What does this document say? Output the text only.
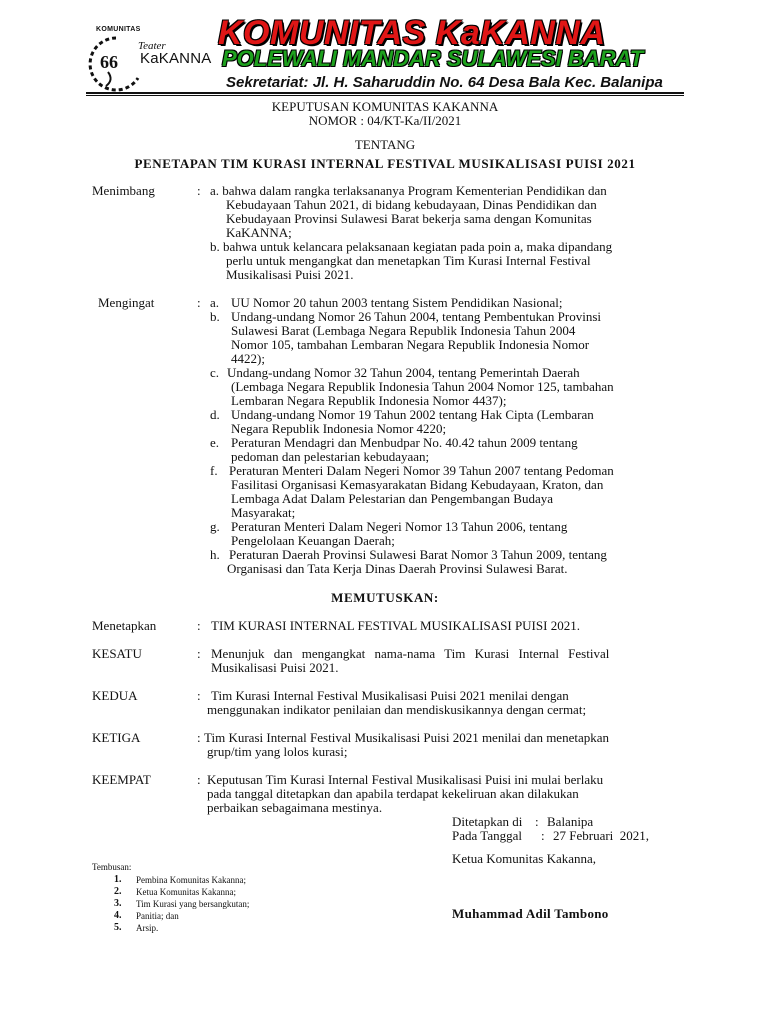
66
KOMUNITAS
Teater
KaKANNA
KOMUNITAS KaKANNA
POLEWALI MANDAR SULAWESI BARAT
Sekretariat: Jl. H. Saharuddin No. 64 Desa Bala Kec. Balanipa
KEPUTUSAN KOMUNITAS KAKANNA
NOMOR : 04/KT-Ka/II/2021
TENTANG
PENETAPAN TIM KURASI INTERNAL FESTIVAL MUSIKALISASI PUISI 2021
Menimbang	: a. bahwa dalam rangka terlaksananya Program Kementerian Pendidikan dan
Kebudayaan Tahun 2021, di bidang kebudayaan, Dinas Pendidikan dan
Kebudayaan Provinsi Sulawesi Barat bekerja sama dengan Komunitas
KaKANNA;
b. bahwa untuk kelancara pelaksanaan kegiatan pada poin a, maka dipandang
perlu untuk mengangkat dan menetapkan Tim Kurasi Internal Festival
Musikalisasi Puisi 2021.
Mengingat	: a. UU Nomor 20 tahun 2003 tentang Sistem Pendidikan Nasional;
b. Undang-undang Nomor 26 Tahun 2004, tentang Pembentukan Provinsi
Sulawesi Barat (Lembaga Negara Republik Indonesia Tahun 2004
Nomor 105, tambahan Lembaran Negara Republik Indonesia Nomor
4422);
c. Undang-undang Nomor 32 Tahun 2004, tentang Pemerintah Daerah
(Lembaga Negara Republik Indonesia Tahun 2004 Nomor 125, tambahan
Lembaran Negara Republik Indonesia Nomor 4437);
d. Undang-undang Nomor 19 Tahun 2002 tentang Hak Cipta (Lembaran
Negara Republik Indonesia Nomor 4220;
e. Peraturan Mendagri dan Menbudpar No. 40.42 tahun 2009 tentang
pedoman dan pelestarian kebudayaan;
f. Peraturan Menteri Dalam Negeri Nomor 39 Tahun 2007 tentang Pedoman
Fasilitasi Organisasi Kemasyarakatan Bidang Kebudayaan, Kraton, dan
Lembaga Adat Dalam Pelestarian dan Pengembangan Budaya
Masyarakat;
g. Peraturan Menteri Dalam Negeri Nomor 13 Tahun 2006, tentang
Pengelolaan Keuangan Daerah;
h. Peraturan Daerah Provinsi Sulawesi Barat Nomor 3 Tahun 2009, tentang
Organisasi dan Tata Kerja Dinas Daerah Provinsi Sulawesi Barat.
MEMUTUSKAN:
Menetapkan	: TIM KURASI INTERNAL FESTIVAL MUSIKALISASI PUISI 2021.
KESATU	: Menunjuk dan mengangkat nama-nama Tim Kurasi Internal Festival
Musikalisasi Puisi 2021.
KEDUA	: Tim Kurasi Internal Festival Musikalisasi Puisi 2021 menilai dengan
menggunakan indikator penilaian dan mendiskusikannya dengan cermat;
KETIGA	: Tim Kurasi Internal Festival Musikalisasi Puisi 2021 menilai dan menetapkan
grup/tim yang lolos kurasi;
KEEMPAT	: Keputusan Tim Kurasi Internal Festival Musikalisasi Puisi ini mulai berlaku
pada tanggal ditetapkan dan apabila terdapat kekeliruan akan dilakukan
perbaikan sebagaimana mestinya.
Ditetapkan di : Balanipa
Pada Tanggal : 27 Februari  2021,
Ketua Komunitas Kakanna,
Muhammad Adil Tambono
Tembusan:
1. Pembina Komunitas Kakanna;
2. Ketua Komunitas Kakanna;
3. Tim Kurasi yang bersangkutan;
4. Panitia; dan
5. Arsip.
